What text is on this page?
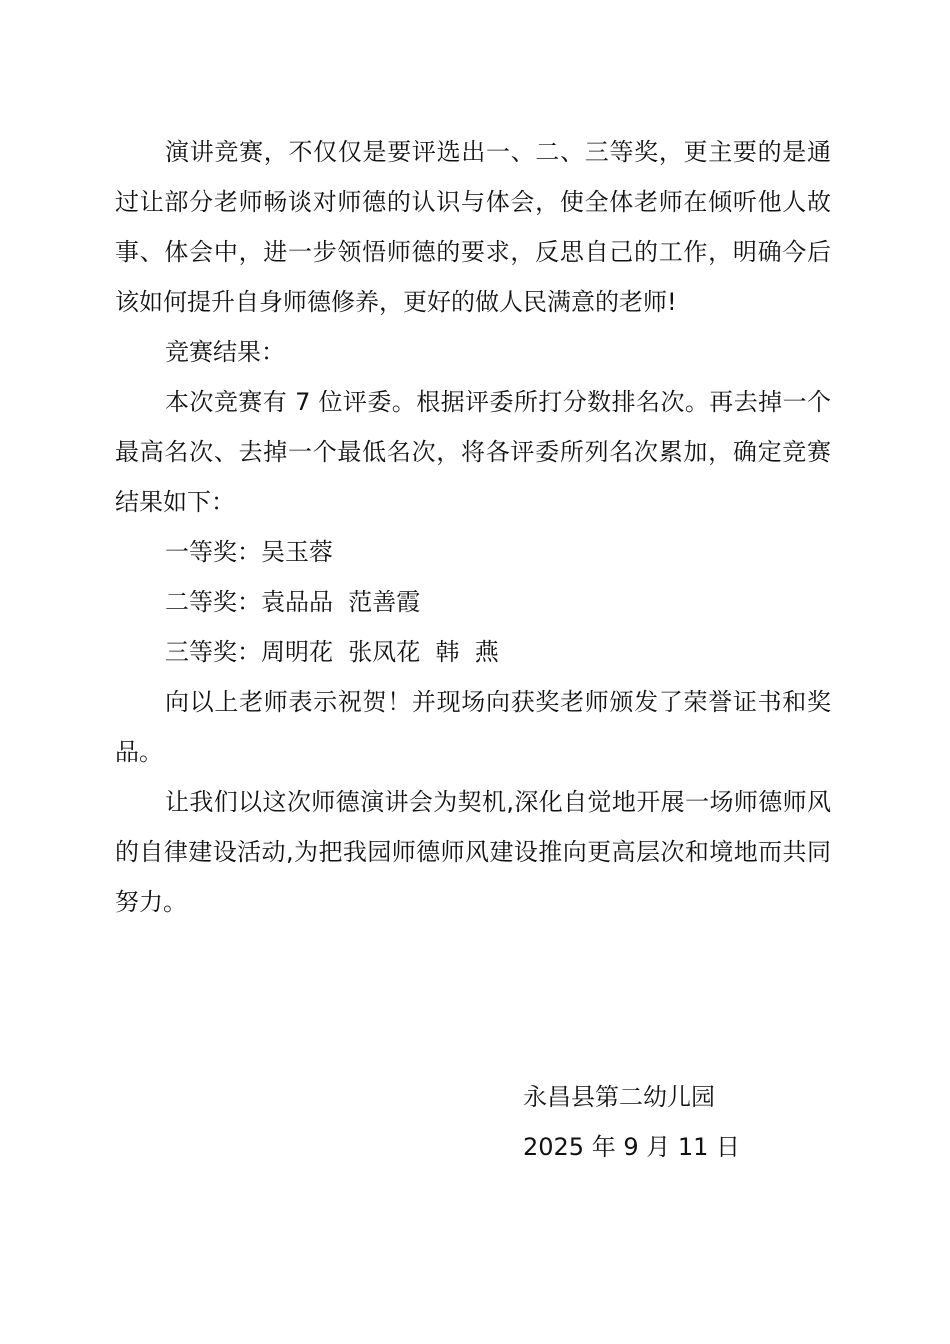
演讲竞赛，不仅仅是要评选出一、二、三等奖，更主要的是通过让部分老师畅谈对师德的认识与体会，使全体老师在倾听他人故事、体会中，进一步领悟师德的要求，反思自己的工作，明确今后该如何提升自身师德修养，更好的做人民满意的老师!

竞赛结果：

本次竞赛有 7 位评委。根据评委所打分数排名次。再去掉一个最高名次、去掉一个最低名次，将各评委所列名次累加，确定竞赛结果如下：

一等奖：吴玉蓉

二等奖：袁品品  范善霞

三等奖：周明花  张凤花  韩  燕

向以上老师表示祝贺！并现场向获奖老师颁发了荣誉证书和奖品。

让我们以这次师德演讲会为契机,深化自觉地开展一场师德师风的自律建设活动,为把我园师德师风建设推向更高层次和境地而共同努力。

永昌县第二幼儿园

2025 年 9 月 11 日
